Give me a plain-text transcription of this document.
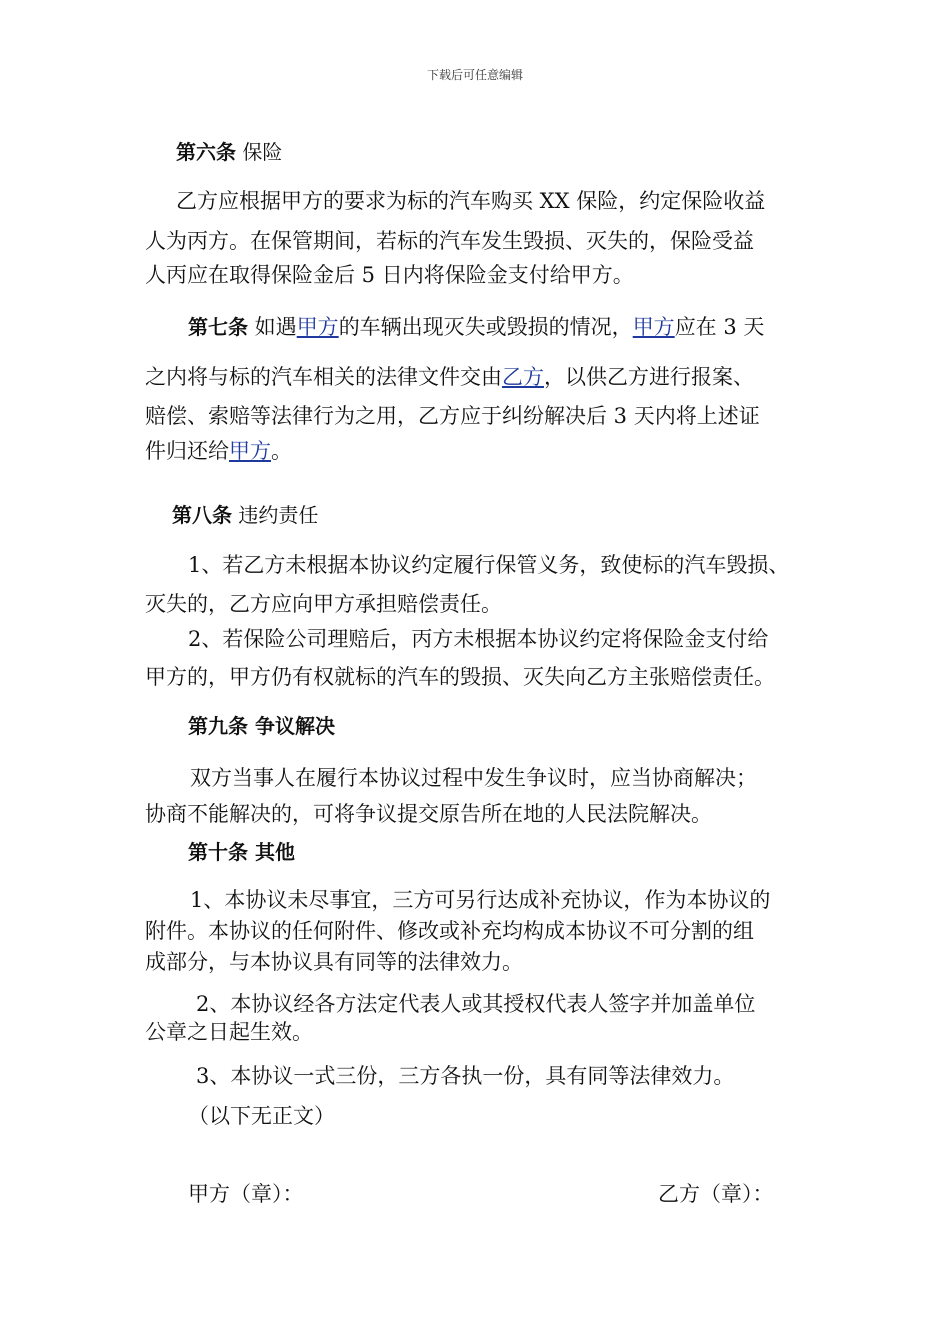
下载后可任意编辑
第六条 保险
乙方应根据甲方的要求为标的汽车购买 XX 保险，约定保险收益
人为丙方。在保管期间，若标的汽车发生毁损、灭失的，保险受益
人丙应在取得保险金后 5 日内将保险金支付给甲方。
第七条 如遇甲方的车辆出现灭失或毁损的情况，甲方应在 3 天
之内将与标的汽车相关的法律文件交由乙方，以供乙方进行报案、
赔偿、索赔等法律行为之用，乙方应于纠纷解决后 3 天内将上述证
件归还给甲方。
第八条 违约责任
1、若乙方未根据本协议约定履行保管义务，致使标的汽车毁损、
灭失的，乙方应向甲方承担赔偿责任。
2、若保险公司理赔后，丙方未根据本协议约定将保险金支付给
甲方的，甲方仍有权就标的汽车的毁损、灭失向乙方主张赔偿责任。
第九条 争议解决
双方当事人在履行本协议过程中发生争议时，应当协商解决；
协商不能解决的，可将争议提交原告所在地的人民法院解决。
第十条 其他
1、本协议未尽事宜，三方可另行达成补充协议，作为本协议的
附件。本协议的任何附件、修改或补充均构成本协议不可分割的组
成部分，与本协议具有同等的法律效力。
2、本协议经各方法定代表人或其授权代表人签字并加盖单位
公章之日起生效。
3、本协议一式三份，三方各执一份，具有同等法律效力。
（以下无正文）
甲方（章）：	乙方（章）：
